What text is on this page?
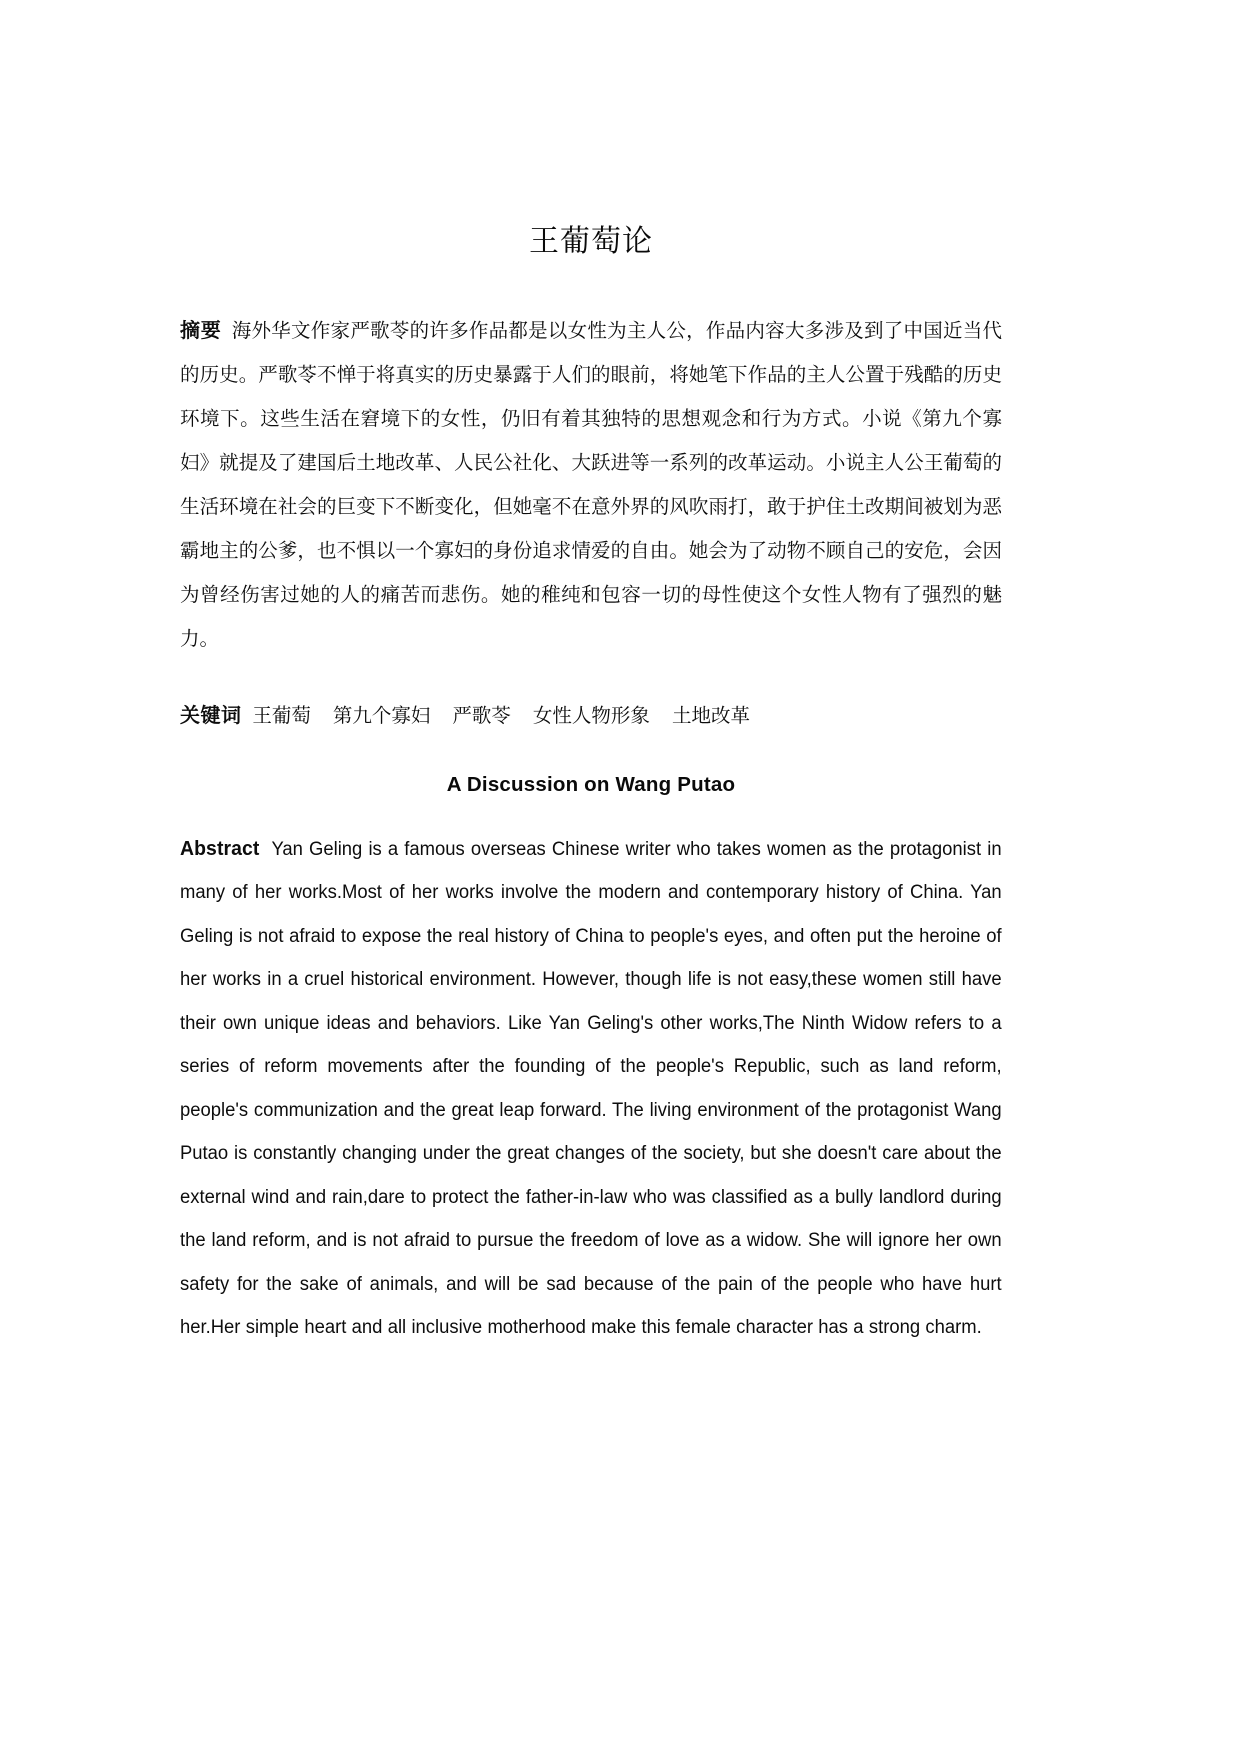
王葡萄论

摘要 海外华文作家严歌苓的许多作品都是以女性为主人公，作品内容大多涉及到了中国近当代的历史。严歌苓不惮于将真实的历史暴露于人们的眼前，将她笔下作品的主人公置于残酷的历史环境下。这些生活在窘境下的女性，仍旧有着其独特的思想观念和行为方式。小说《第九个寡妇》就提及了建国后土地改革、人民公社化、大跃进等一系列的改革运动。小说主人公王葡萄的生活环境在社会的巨变下不断变化，但她毫不在意外界的风吹雨打，敢于护住土改期间被划为恶霸地主的公爹，也不惧以一个寡妇的身份追求情爱的自由。她会为了动物不顾自己的安危，会因为曾经伤害过她的人的痛苦而悲伤。她的稚纯和包容一切的母性使这个女性人物有了强烈的魅力。

关键词 王葡萄 第九个寡妇 严歌苓 女性人物形象 土地改革

A Discussion on Wang Putao

Abstract Yan Geling is a famous overseas Chinese writer who takes women as the protagonist in many of her works.Most of her works involve the modern and contemporary history of China. Yan Geling is not afraid to expose the real history of China to people's eyes, and often put the heroine of her works in a cruel historical environment. However, though life is not easy,these women still have their own unique ideas and behaviors. Like Yan Geling's other works,The Ninth Widow refers to a series of reform movements after the founding of the people's Republic, such as land reform, people's communization and the great leap forward. The living environment of the protagonist Wang Putao is constantly changing under the great changes of the society, but she doesn't care about the external wind and rain,dare to protect the father-in-law who was classified as a bully landlord during the land reform, and is not afraid to pursue the freedom of love as a widow. She will ignore her own safety for the sake of animals, and will be sad because of the pain of the people who have hurt her.Her simple heart and all inclusive motherhood make this female character has a strong charm.
